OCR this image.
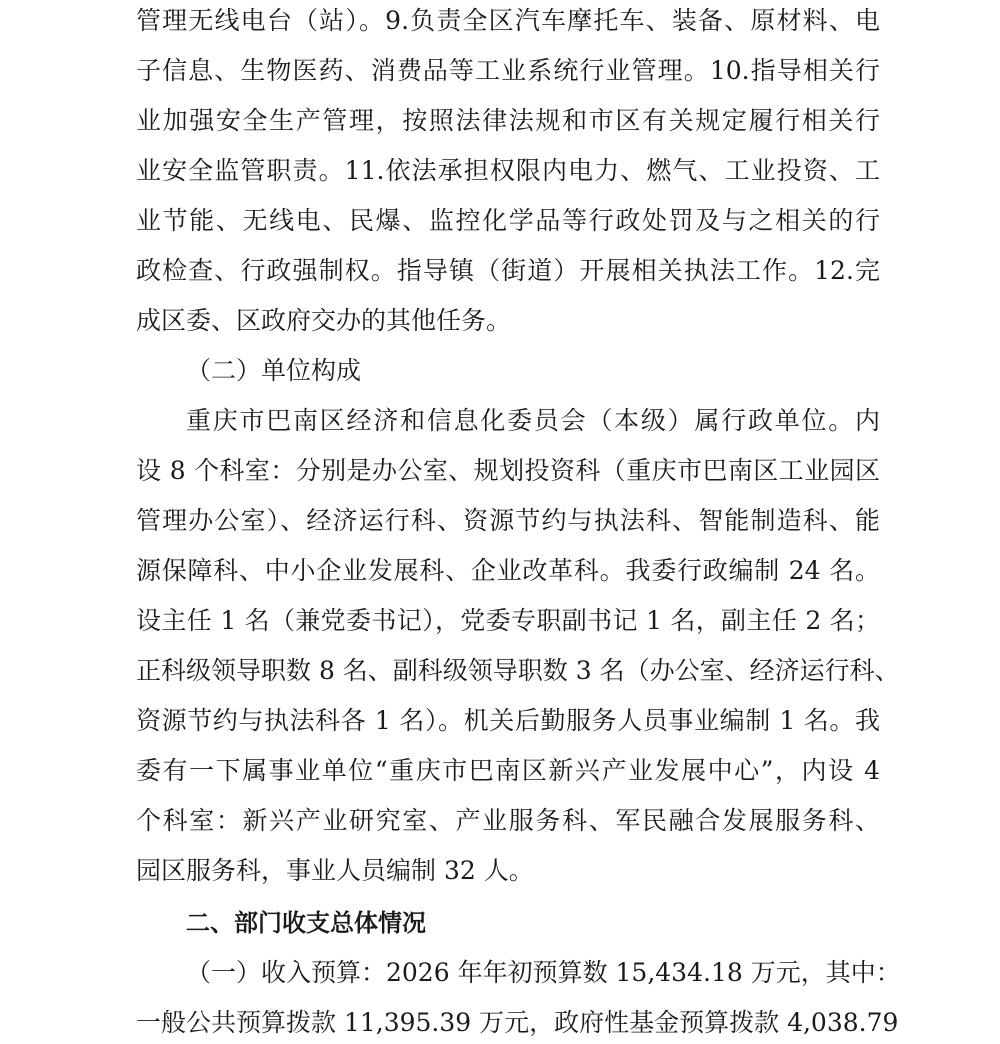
管理无线电台（站）。9.负责全区汽车摩托车、装备、原材料、电
子信息、生物医药、消费品等工业系统行业管理。10.指导相关行
业加强安全生产管理，按照法律法规和市区有关规定履行相关行
业安全监管职责。11.依法承担权限内电力、燃气、工业投资、工
业节能、无线电、民爆、监控化学品等行政处罚及与之相关的行
政检查、行政强制权。指导镇（街道）开展相关执法工作。12.完
成区委、区政府交办的其他任务。
（二）单位构成
重庆市巴南区经济和信息化委员会（本级）属行政单位。内
设 8 个科室：分别是办公室、规划投资科（重庆市巴南区工业园区
管理办公室）、经济运行科、资源节约与执法科、智能制造科、能
源保障科、中小企业发展科、企业改革科。我委行政编制 24 名。
设主任 1 名（兼党委书记），党委专职副书记 1 名，副主任 2 名；
正科级领导职数 8 名、副科级领导职数 3 名（办公室、经济运行科、
资源节约与执法科各 1 名）。机关后勤服务人员事业编制 1 名。我
委有一下属事业单位“重庆市巴南区新兴产业发展中心”，内设 4
个科室：新兴产业研究室、产业服务科、军民融合发展服务科、
园区服务科，事业人员编制 32 人。
二、部门收支总体情况
（一）收入预算：2026 年年初预算数 15,434.18 万元，其中：
一般公共预算拨款 11,395.39 万元，政府性基金预算拨款 4,038.79
